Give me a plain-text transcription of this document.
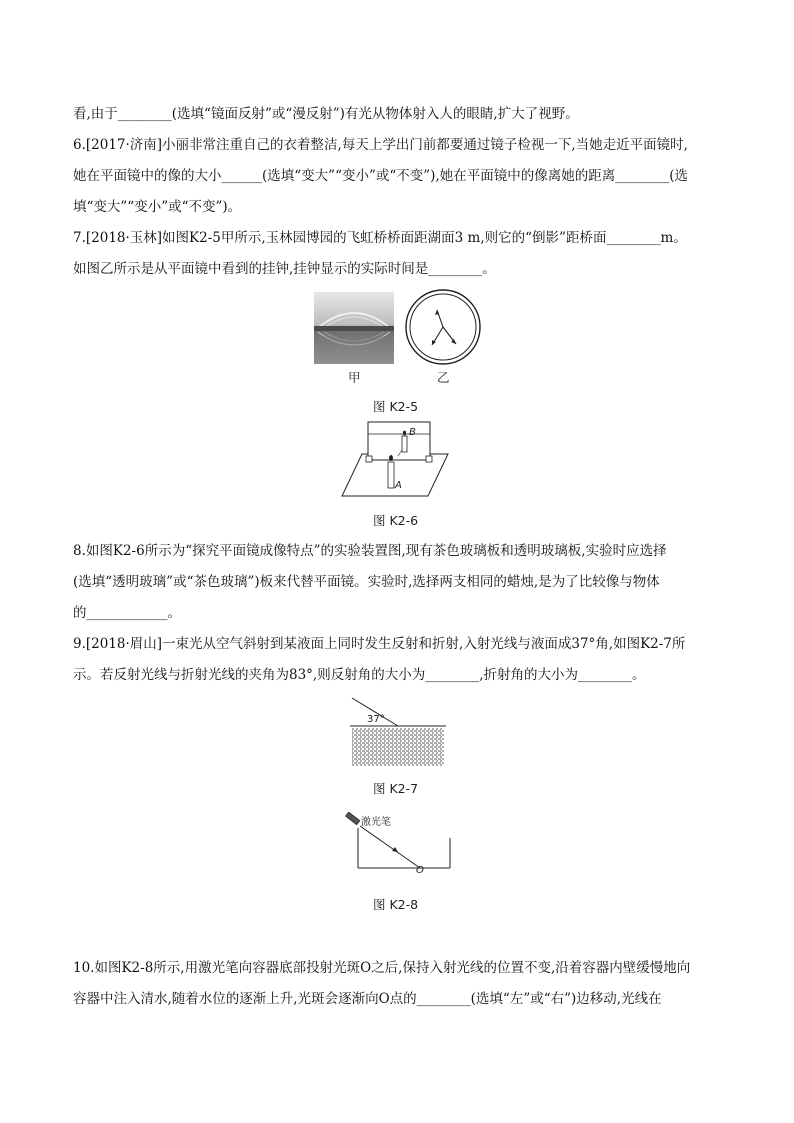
看,由于________(选填“镜面反射”或“漫反射”)有光从物体射入人的眼睛,扩大了视野。
6.[2017·济南]小丽非常注重自己的衣着整洁,每天上学出门前都要通过镜子检视一下,当她走近平面镜时,
她在平面镜中的像的大小______(选填“变大”“变小”或“不变”),她在平面镜中的像离她的距离________(选
填“变大”“变小”或“不变”)。
7.[2018·玉林]如图K2-5甲所示,玉林园博园的飞虹桥桥面距湖面3 m,则它的“倒影”距桥面________m。
如图乙所示是从平面镜中看到的挂钟,挂钟显示的实际时间是________。
甲	乙
图 K2-5
B
A
图 K2-6
8.如图K2-6所示为“探究平面镜成像特点”的实验装置图,现有茶色玻璃板和透明玻璃板,实验时应选择
(选填“透明玻璃”或“茶色玻璃”)板来代替平面镜。实验时,选择两支相同的蜡烛,是为了比较像与物体
的____________。
9.[2018·眉山]一束光从空气斜射到某液面上同时发生反射和折射,入射光线与液面成37°角,如图K2-7所
示。若反射光线与折射光线的夹角为83°,则反射角的大小为________,折射角的大小为________。
37°
图 K2-7
激光笔
O
图 K2-8
10.如图K2-8所示,用激光笔向容器底部投射光斑O之后,保持入射光线的位置不变,沿着容器内壁缓慢地向
容器中注入清水,随着水位的逐渐上升,光斑会逐渐向O点的________(选填“左”或“右”)边移动,光线在
